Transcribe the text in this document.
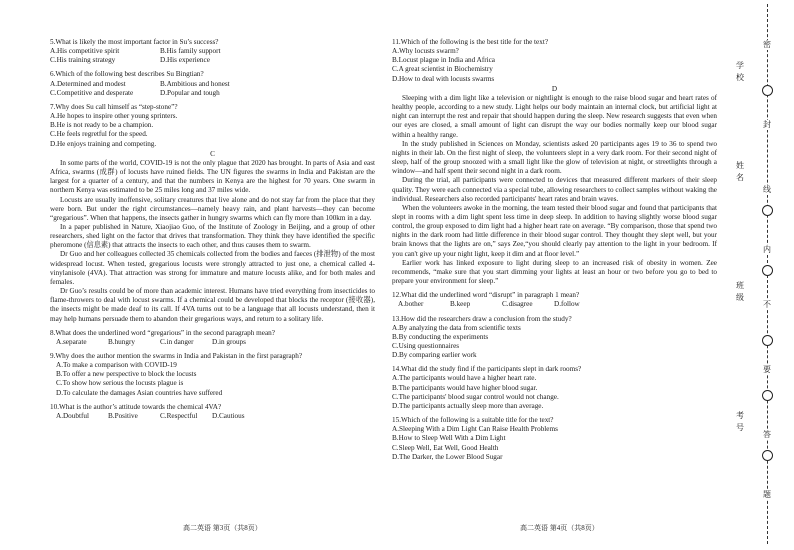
5.What is likely the most important factor in Su’s success?
A.His competitive spirit	B.His family support
C.His training strategy	D.His experience
6.Which of the following best describes Su Bingtian?
A.Determined and modest	B.Ambitious and honest
C.Competitive and desperate	D.Popular and tough
7.Why does Su call himself as “step-stone”?
A.He hopes to inspire other young sprinters.
B.He is not ready to be a champion.
C.He feels regretful for the speed.
D.He enjoys training and competing.
C

In some parts of the world, COVID-19 is not the only plague that 2020 has brought. In parts of Asia and east Africa, swarms (成群) of locusts have ruined fields. The UN figures the swarms in India and Pakistan are the largest for a quarter of a century, and that the numbers in Kenya are the highest for 70 years. One swarm in northern Kenya was estimated to be 25 miles long and 37 miles wide.

Locusts are usually inoffensive, solitary creatures that live alone and do not stay far from the place that they were born. But under the right circumstances—namely heavy rain, and plant harvests—they can become “gregarious”. When that happens, the insects gather in hungry swarms which can fly more than 100km in a day.

In a paper published in Nature, Xiaojiao Guo, of the Institute of Zoology in Beijing, and a group of other researchers, shed light on the factor that drives that transformation. They think they have identified the specific pheromone (信息素) that attracts the insects to each other, and thus causes them to swarm.

Dr Guo and her colleagues collected 35 chemicals collected from the bodies and faeces (排泄物) of the most widespread locust. When tested, gregarious locusts were strongly attracted to just one, a chemical called 4-vinylanisole (4VA). That attraction was strong for immature and mature locusts alike, and for both males and females.

Dr Guo’s results could be of more than academic interest. Humans have tried everything from insecticides to flame-throwers to deal with locust swarms. If a chemical could be developed that blocks the receptor (接收器), the insects might be made deaf to its call. If 4VA turns out to be a language that all locusts understand, then it may help humans persuade them to abandon their gregarious ways, and return to a solitary life.

8.What does the underlined word “gregarious” in the second paragraph mean?
A.separate	B.hungry	C.in danger	D.in groups
9.Why does the author mention the swarms in India and Pakistan in the first paragraph?
A.To make a comparison with COVID-19
B.To offer a new perspective to block the locusts
C.To show how serious the locusts plague is
D.To calculate the damages Asian countries have suffered
10.What is the author’s attitude towards the chemical 4VA?
A.Doubtful	B.Positive	C.Respectful	D.Cautious
11.Which of the following is the best title for the text?
A.Why locusts swarm?
B.Locust plague in India and Africa
C.A great scientist in Biochemistry
D.How to deal with locusts swarms
D

Sleeping with a dim light like a television or nightlight is enough to the raise blood sugar and heart rates of healthy people, according to a new study. Light helps our body maintain an internal clock, but artificial light at night can interrupt the rest and repair that should happen during the sleep. New research suggests that even when our eyes are closed, a small amount of light can disrupt the way our bodies normally keep our blood sugar within a healthy range.

In the study published in Sciences on Monday, scientists asked 20 participants ages 19 to 36 to spend two nights in their lab. On the first night of sleep, the volunteers slept in a very dark room. For their second night of sleep, half of the group snoozed with a small light like the glow of television at night, or streetlights through a window—and half spent their second night in a dark room.

During the trial, all participants were connected to devices that measured different markers of their sleep quality. They were each connected via a special tube, allowing researchers to collect samples without waking the individual. Researchers also recorded participants' heart rates and brain waves.

When the volunteers awoke in the morning, the team tested their blood sugar and found that participants that slept in rooms with a dim light spent less time in deep sleep. In addition to having slightly worse blood sugar control, the group exposed to dim light had a higher heart rate on average. “By comparison, those that spend two nights in the dark room had little difference in their blood sugar control. They thought they slept well, but your brain knows that the lights are on,” says Zee,“you should clearly pay attention to the light in your bedroom. If you can't give up your night light, keep it dim and at floor level.”

Earlier work has linked exposure to light during sleep to an increased risk of obesity in women. Zee recommends, “make sure that you start dimming your lights at least an hour or two before you go to bed to prepare your environment for sleep.”

12.What did the underlined word “disrupt” in paragraph 1 mean?
A.bother	B.keep	C.disagree	D.follow
13.How did the researchers draw a conclusion from the study?
A.By analyzing the data from scientific texts
B.By conducting the experiments
C.Using questionnaires
D.By comparing earlier work
14.What did the study find if the participants slept in dark rooms?
A.The participants would have a higher heart rate.
B.The participants would have higher blood sugar.
C.The participants' blood sugar control would not change.
D.The participants actually sleep more than average.
15.Which of the following is a suitable title for the text?
A.Sleeping With a Dim Light Can Raise Health Problems
B.How to Sleep Well With a Dim Light
C.Sleep Well, Eat Well, Good Health
D.The Darker, the Lower Blood Sugar
高二英语 第3页（共8页）	高二英语 第4页（共8页）
密
封
线
内
不
要
答
题
学
校
姓
名
班
级
考
号
